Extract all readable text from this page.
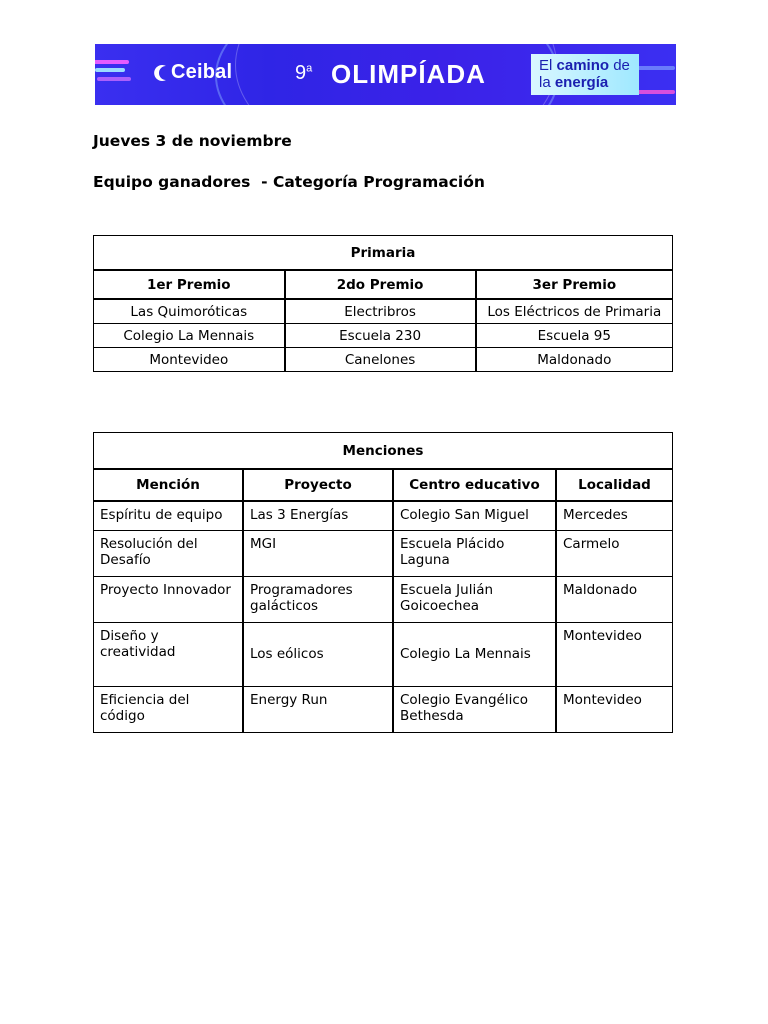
Ceibal	9$^a$ OLIMPÍADA	El camino de
la energía
Jueves 3 de noviembre
Equipo ganadores  - Categoría Programación
Primaria		
1er Premio	2do Premio	3er Premio
Las Quimoróticas	Electribros	Los Eléctricos de Primaria
Colegio La Mennais	Escuela 230	Escuela 95
Montevideo	Canelones	Maldonado
Menciones			
Mención	Proyecto	Centro educativo	Localidad
Espíritu de equipo	Las 3 Energías	Colegio San Miguel	Mercedes
Resolución del Desafío	MGI	Escuela Plácido Laguna	Carmelo
Proyecto Innovador	Programadores galácticos	Escuela Julián Goicoechea	Maldonado
Diseño y creatividad	Los eólicos	Colegio La Mennais	Montevideo
Eficiencia del código	Energy Run	Colegio Evangélico Bethesda	Montevideo
